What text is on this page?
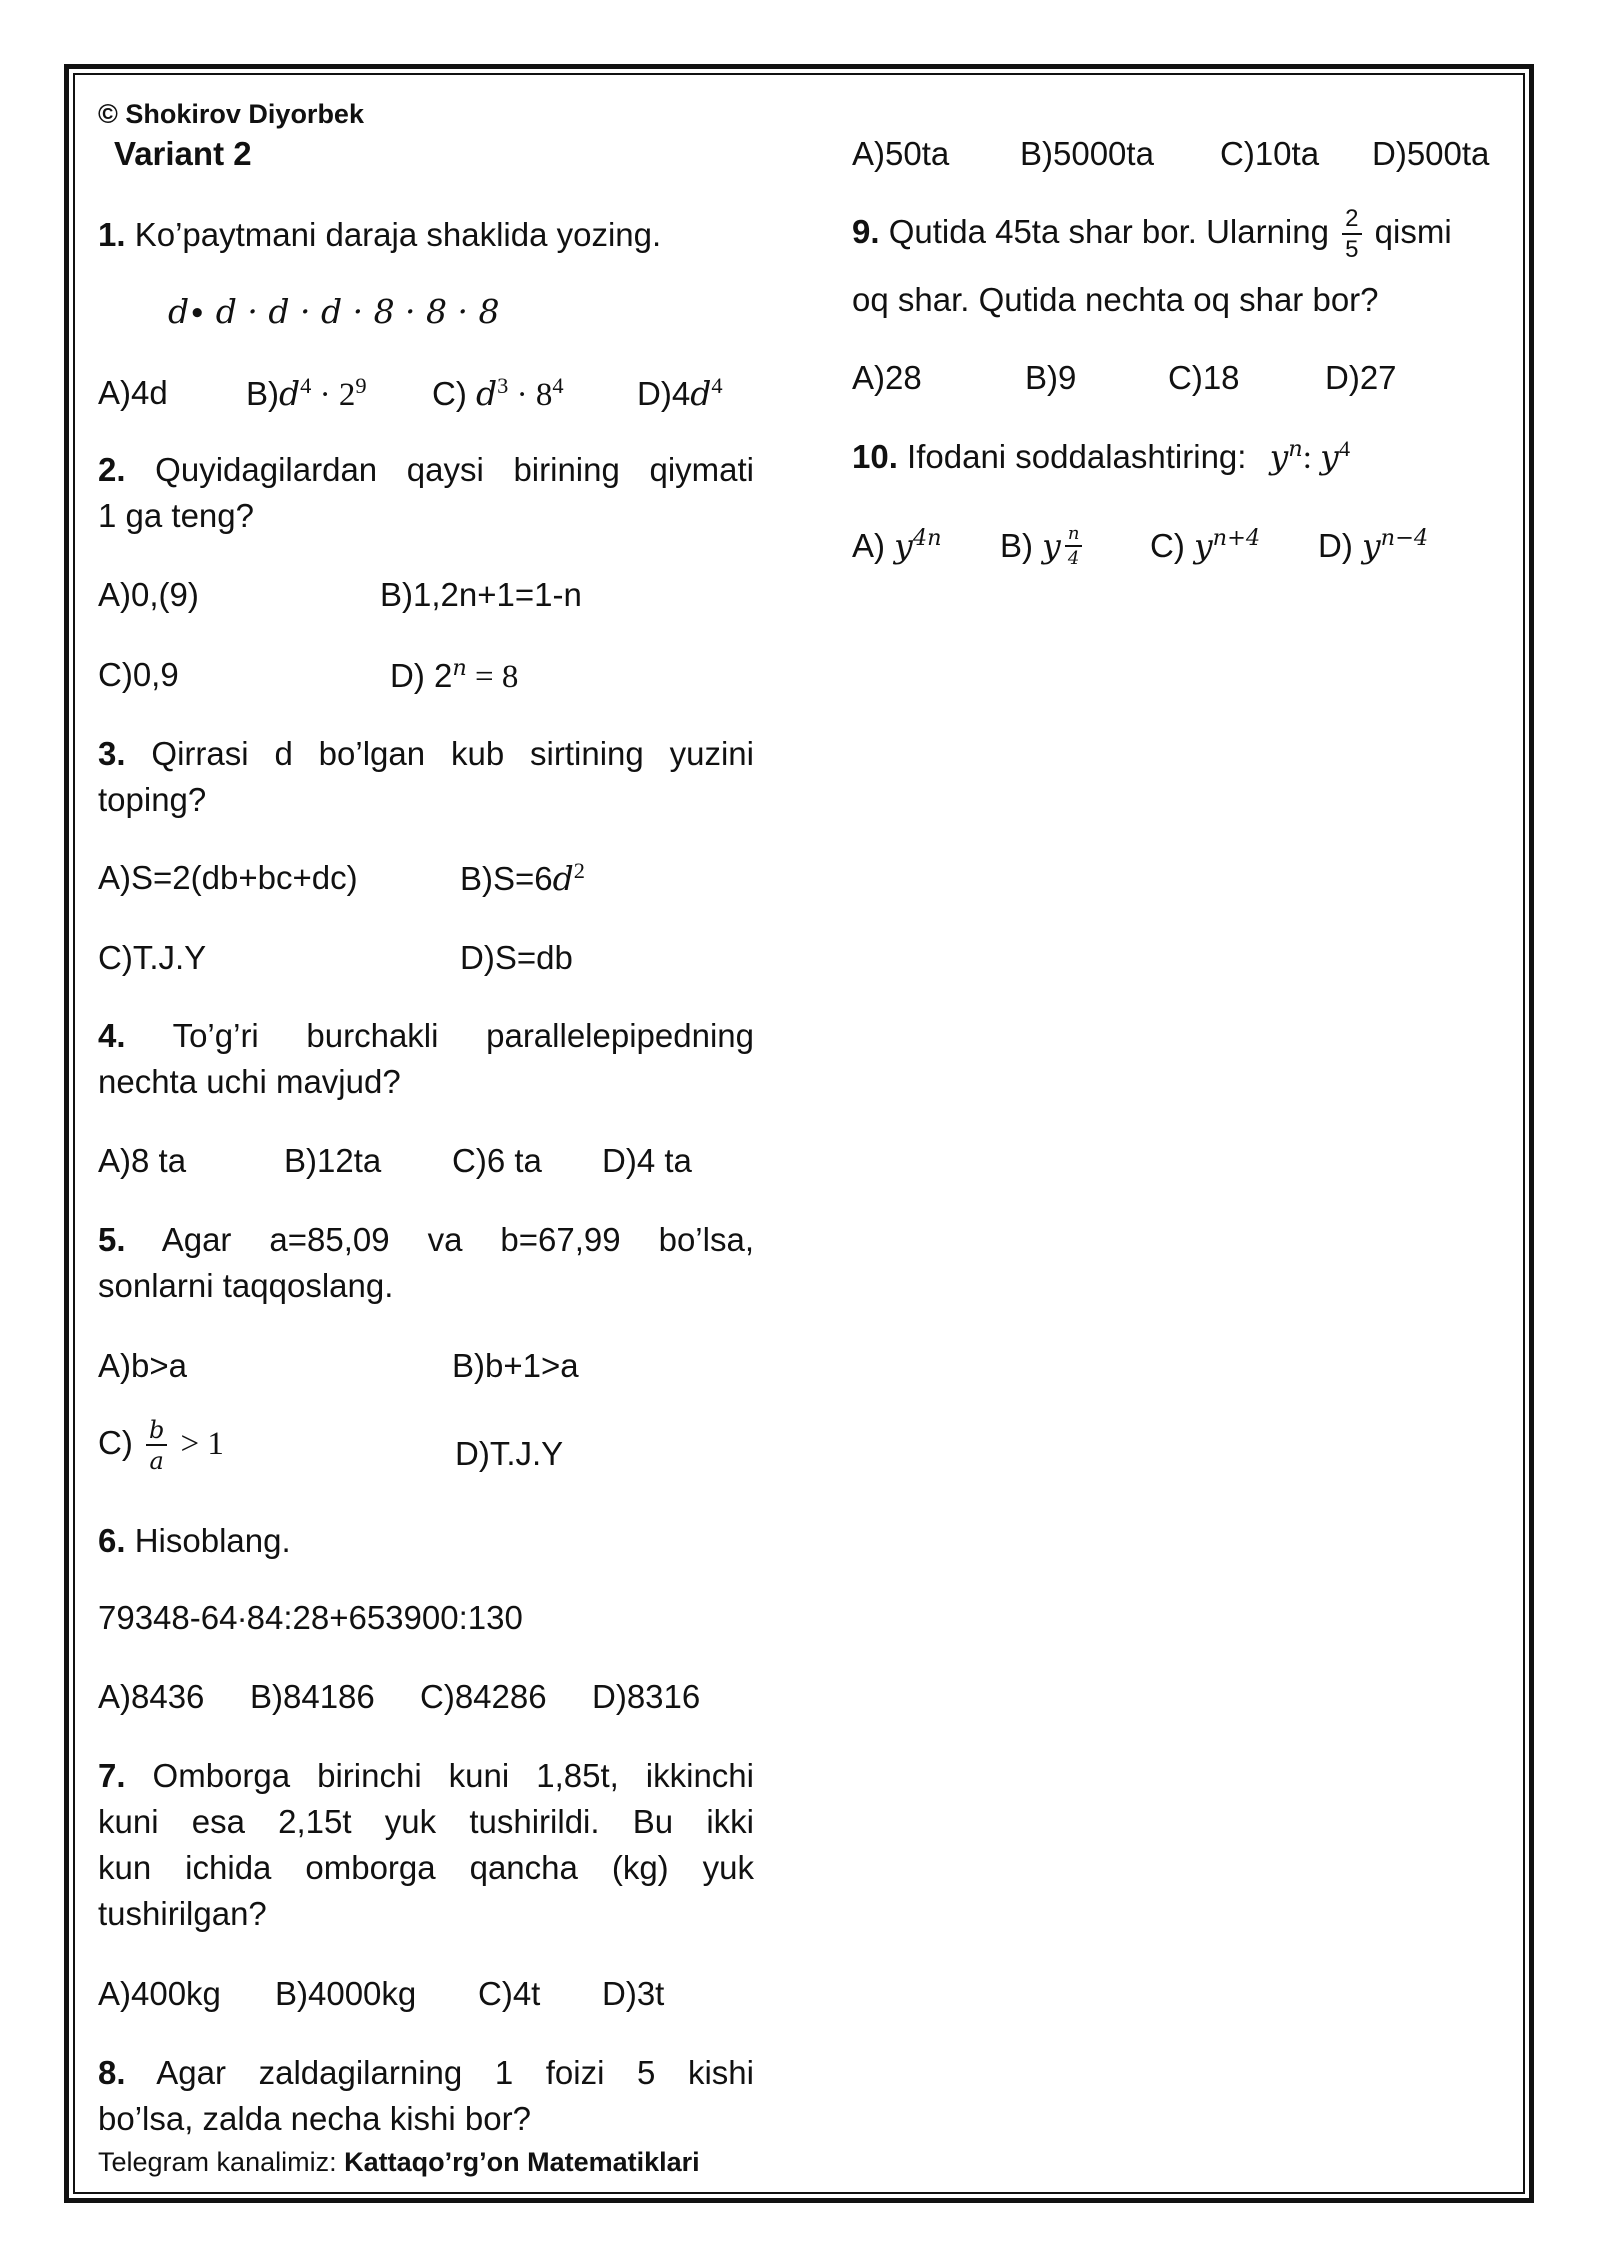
© Shokirov Diyorbek
Variant 2
1. Ko’paytmani daraja shaklida yozing.
d∙ d · d · d · 8 · 8 · 8
A)4d $B)d^4 \cdot 2^9$ C) $d^3 \cdot 8^4$ $D)4d^4$
2. Quyidagilardan qaysi birining qiymati
1 ga teng?
A)0,(9)	B)1,2n+1=1-n
C)0,9	D) $2^n = 8$
3. Qirrasi d bo’lgan kub sirtining yuzini
toping?
A)S=2(db+bc+dc)	$B)S=6d^2$
C)T.J.Y	D)S=db
4. To’g’ri burchakli parallelepipedning
nechta uchi mavjud?
A)8 ta	B)12ta C)6 ta D)4 ta
5. Agar a=85,09 va b=67,99 bo’lsa,
sonlarni taqqoslang.
A)b>a	B)b+1>a
$C) \frac{b}{a} > 1$	D)T.J.Y
6. Hisoblang.
79348-64∙84:28+653900:130
A)8436 B)84186 C)84286 D)8316
7. Omborga birinchi kuni 1,85t, ikkinchi
kuni esa 2,15t yuk tushirildi. Bu ikki
kun ichida omborga qancha (kg) yuk
tushirilgan?
A)400kg B)4000kg C)4t D)3t
8. Agar zaldagilarning 1 foizi 5 kishi
bo’lsa, zalda necha kishi bor?
Telegram kanalimiz: Kattaqo’rg’on Matematiklari
A)50ta B)5000ta C)10ta D)500ta
9. Qutida 45ta shar bor. Ularning $\frac{2}{5}$ qismi
oq shar. Qutida nechta oq shar bor?
A)28	B)9	C)18	D)27
10. Ifodani soddalashtiring: $y^n$: $y^4$
A) $y^{4n}$ B) y $\frac{n}{4} C$) $y^{n+4}$ D) $y^{n-4}$
